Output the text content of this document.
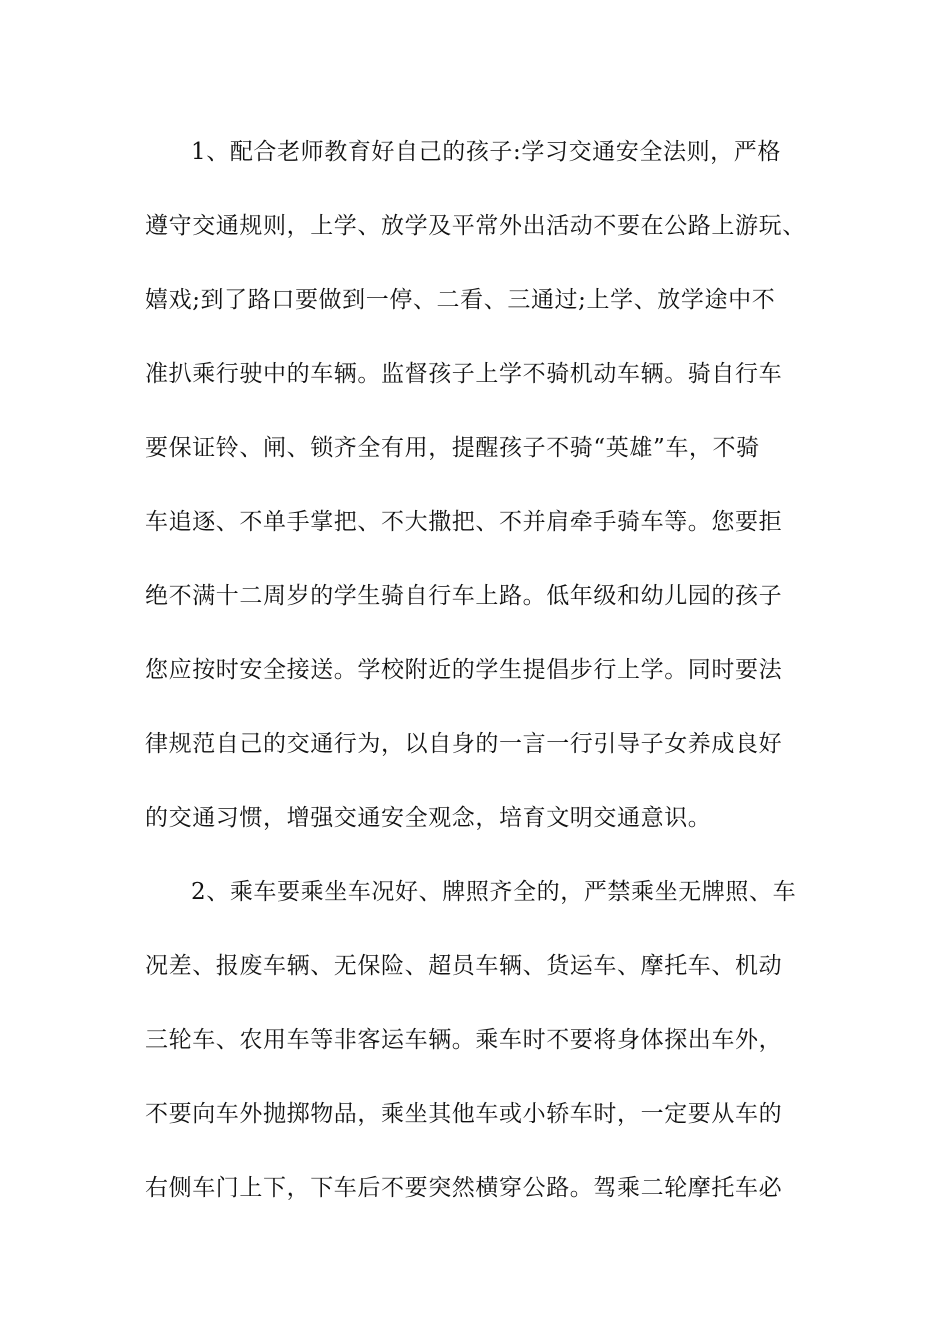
1、配合老师教育好自己的孩子:学习交通安全法则，严格
遵守交通规则，上学、放学及平常外出活动不要在公路上游玩、
嬉戏;到了路口要做到一停、二看、三通过;上学、放学途中不
准扒乘行驶中的车辆。监督孩子上学不骑机动车辆。骑自行车
要保证铃、闸、锁齐全有用，提醒孩子不骑“英雄”车，不骑
车追逐、不单手掌把、不大撒把、不并肩牵手骑车等。您要拒
绝不满十二周岁的学生骑自行车上路。低年级和幼儿园的孩子
您应按时安全接送。学校附近的学生提倡步行上学。同时要法
律规范自己的交通行为，以自身的一言一行引导子女养成良好
的交通习惯，增强交通安全观念，培育文明交通意识。
2、乘车要乘坐车况好、牌照齐全的，严禁乘坐无牌照、车
况差、报废车辆、无保险、超员车辆、货运车、摩托车、机动
三轮车、农用车等非客运车辆。乘车时不要将身体探出车外，
不要向车外抛掷物品，乘坐其他车或小轿车时，一定要从车的
右侧车门上下，下车后不要突然横穿公路。驾乘二轮摩托车必
